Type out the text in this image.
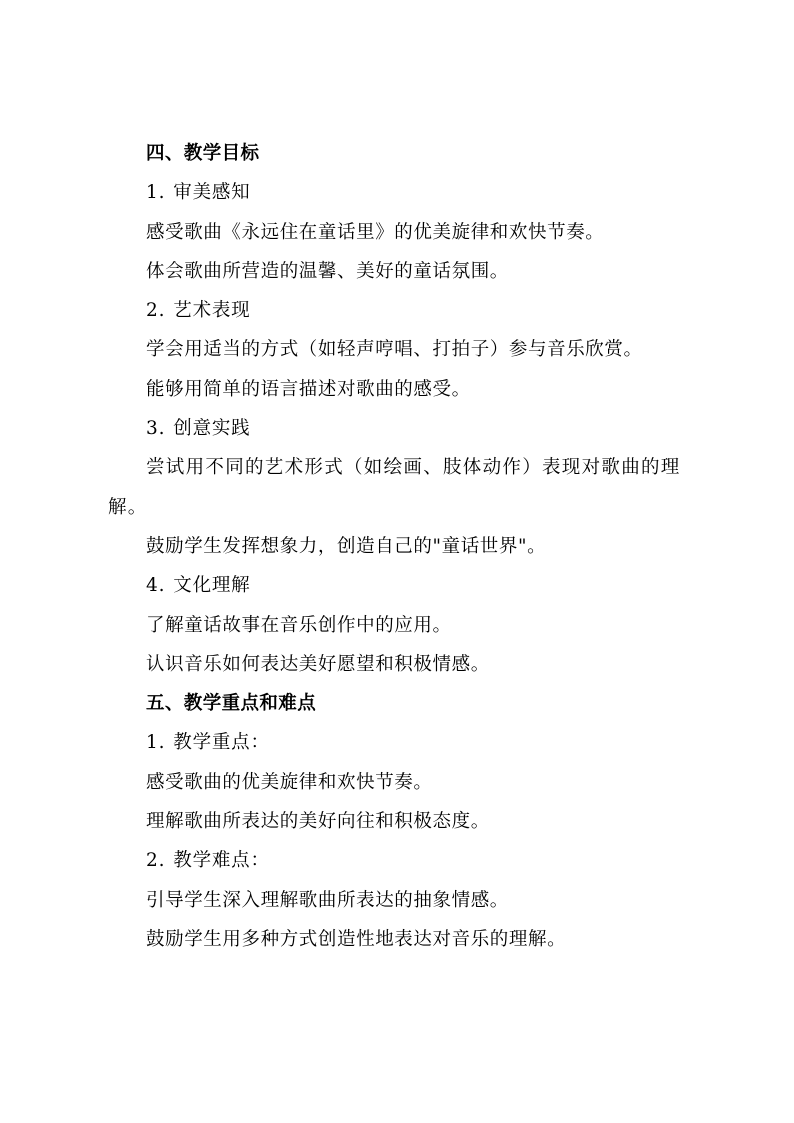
四、教学目标
1. 审美感知
感受歌曲《永远住在童话里》的优美旋律和欢快节奏。
体会歌曲所营造的温馨、美好的童话氛围。
2. 艺术表现
学会用适当的方式（如轻声哼唱、打拍子）参与音乐欣赏。
能够用简单的语言描述对歌曲的感受。
3. 创意实践
尝试用不同的艺术形式（如绘画、肢体动作）表现对歌曲的理解。
鼓励学生发挥想象力，创造自己的"童话世界"。
4. 文化理解
了解童话故事在音乐创作中的应用。
认识音乐如何表达美好愿望和积极情感。
五、教学重点和难点
1. 教学重点：
感受歌曲的优美旋律和欢快节奏。
理解歌曲所表达的美好向往和积极态度。
2. 教学难点：
引导学生深入理解歌曲所表达的抽象情感。
鼓励学生用多种方式创造性地表达对音乐的理解。
